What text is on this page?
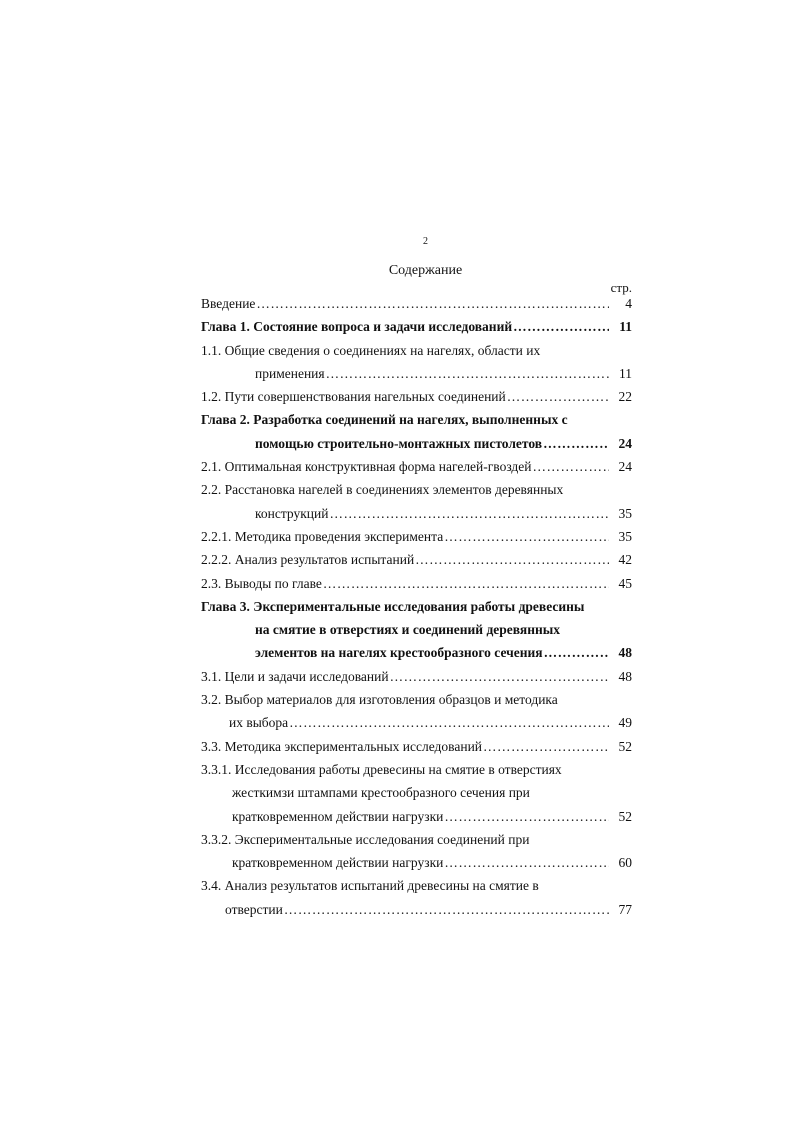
2
Содержание
стр.
Введение ………………………………………………………………………………………………………………………………………	4
Глава 1. Состояние вопроса и задачи исследований ………………………………………………………………………………………………………………………………………	11
1.1. Общие сведения о соединениях на нагелях, области их
применения ………………………………………………………………………………………………………………………………………	11
1.2. Пути совершенствования нагельных соединений ………………………………………………………………………………………………………………………………………	22
Глава 2. Разработка соединений на нагелях, выполненных с
помощью строительно-монтажных пистолетов ………………………………………………………………………………………………………………………………………	24
2.1. Оптимальная конструктивная форма нагелей-гвоздей ………………………………………………………………………………………………………………………………………	24
2.2. Расстановка нагелей в соединениях элементов деревянных
конструкций ………………………………………………………………………………………………………………………………………	35
2.2.1. Методика проведения эксперимента ………………………………………………………………………………………………………………………………………	35
2.2.2. Анализ результатов испытаний ………………………………………………………………………………………………………………………………………	42
2.3. Выводы по главе ………………………………………………………………………………………………………………………………………	45
Глава 3. Экспериментальные исследования работы древесины
на смятие в отверстиях и соединений деревянных
элементов на нагелях крестообразного сечения ………………………………………………………………………………………………………………………………………	48
3.1. Цели и задачи исследований ………………………………………………………………………………………………………………………………………	48
3.2. Выбор материалов для изготовления образцов и методика
их выбора ………………………………………………………………………………………………………………………………………	49
3.3. Методика экспериментальных исследований ………………………………………………………………………………………………………………………………………	52
3.3.1. Исследования работы древесины на смятие в отверстиях
жесткимзи штампами крестообразного сечения при
кратковременном действии нагрузки ………………………………………………………………………………………………………………………………………	52
3.3.2. Экспериментальные исследования соединений при
кратковременном действии нагрузки ………………………………………………………………………………………………………………………………………	60
3.4. Анализ результатов испытаний древесины на смятие в
отверстии ………………………………………………………………………………………………………………………………………	77
